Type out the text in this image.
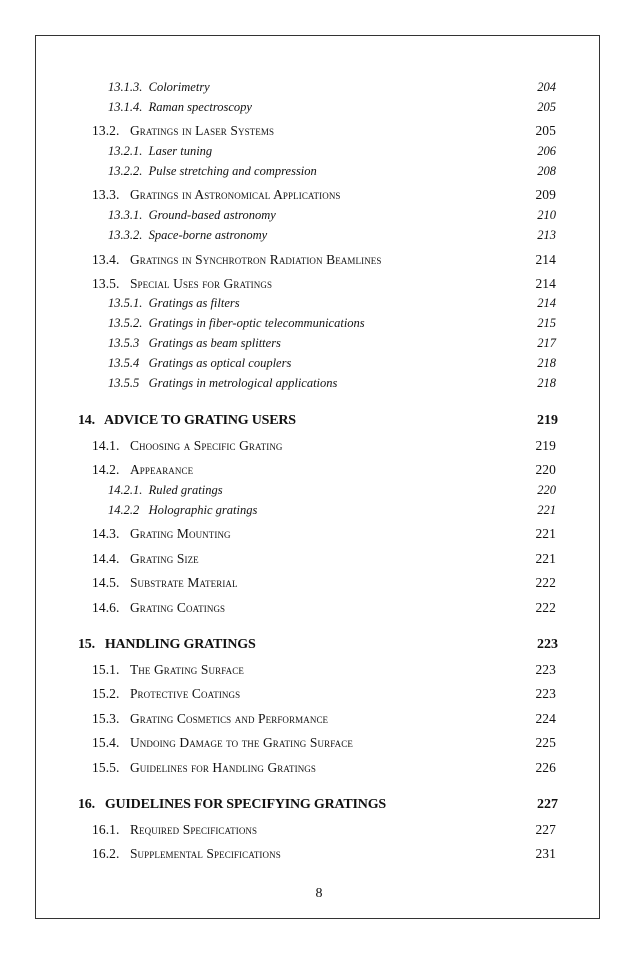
13.1.3. Colorimetry	204
13.1.4. Raman spectroscopy	205
13.2. Gratings in Laser Systems	205
13.2.1. Laser tuning	206
13.2.2. Pulse stretching and compression	208
13.3. Gratings in Astronomical Applications	209
13.3.1. Ground-based astronomy	210
13.3.2. Space-borne astronomy	213
13.4. Gratings in Synchrotron Radiation Beamlines	214
13.5. Special Uses for Gratings	214
13.5.1. Gratings as filters	214
13.5.2. Gratings in fiber-optic telecommunications	215
13.5.3 Gratings as beam splitters	217
13.5.4 Gratings as optical couplers	218
13.5.5 Gratings in metrological applications	218
14. ADVICE TO GRATING USERS	219
14.1. Choosing a Specific Grating	219
14.2. Appearance	220
14.2.1. Ruled gratings	220
14.2.2 Holographic gratings	221
14.3. Grating Mounting	221
14.4. Grating Size	221
14.5. Substrate Material	222
14.6. Grating Coatings	222
15. HANDLING GRATINGS	223
15.1. The Grating Surface	223
15.2. Protective Coatings	223
15.3. Grating Cosmetics and Performance	224
15.4. Undoing Damage to the Grating Surface	225
15.5. Guidelines for Handling Gratings	226
16. GUIDELINES FOR SPECIFYING GRATINGS	227
16.1. Required Specifications	227
16.2. Supplemental Specifications	231
8
